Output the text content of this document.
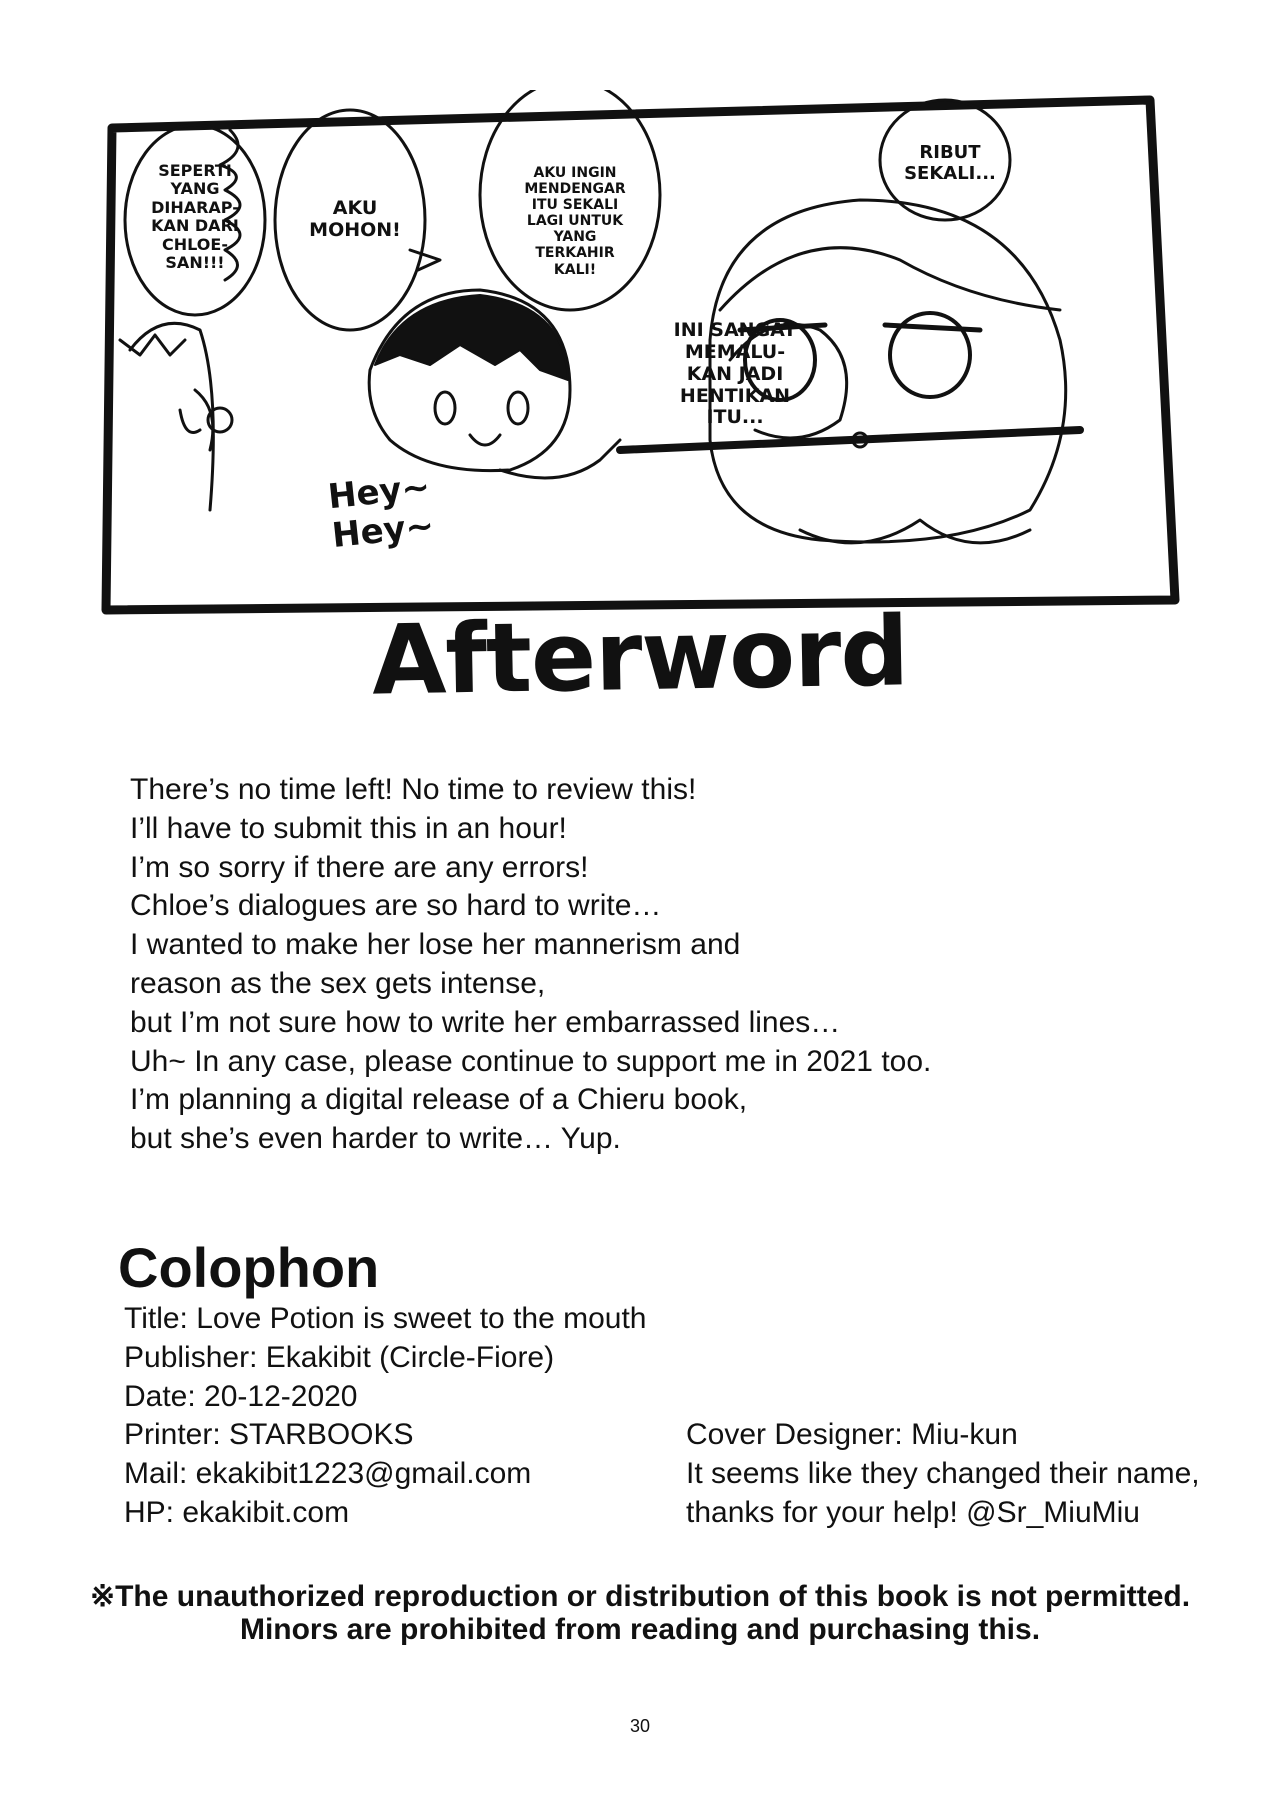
SEPERTI
YANG
DIHARAP-
KAN DARI
CHLOE-
SAN!!!
AKU
MOHON!
AKU INGIN
MENDENGAR
ITU SEKALI
LAGI UNTUK
YANG
TERKAHIR
KALI!
RIBUT
SEKALI...
INI SANGAT
MEMALU-
KAN JADI
HENTIKAN
ITU...
Hey~
Hey~
Afterword
There’s no time left! No time to review this!
I’ll have to submit this in an hour!
I’m so sorry if there are any errors!
Chloe’s dialogues are so hard to write…
I wanted to make her lose her mannerism and
reason as the sex gets intense,
but I’m not sure how to write her embarrassed lines…
Uh~ In any case, please continue to support me in 2021 too.
I’m planning a digital release of a Chieru book,
but she’s even harder to write… Yup.
Colophon
Title: Love Potion is sweet to the mouth
Publisher: Ekakibit (Circle-Fiore)
Date: 20-12-2020
Printer: STARBOOKS
Mail: ekakibit1223@gmail.com
HP: ekakibit.com
Cover Designer: Miu-kun
It seems like they changed their name,
thanks for your help! @Sr_MiuMiu
※The unauthorized reproduction or distribution of this book is not permitted.
Minors are prohibited from reading and purchasing this.
30
